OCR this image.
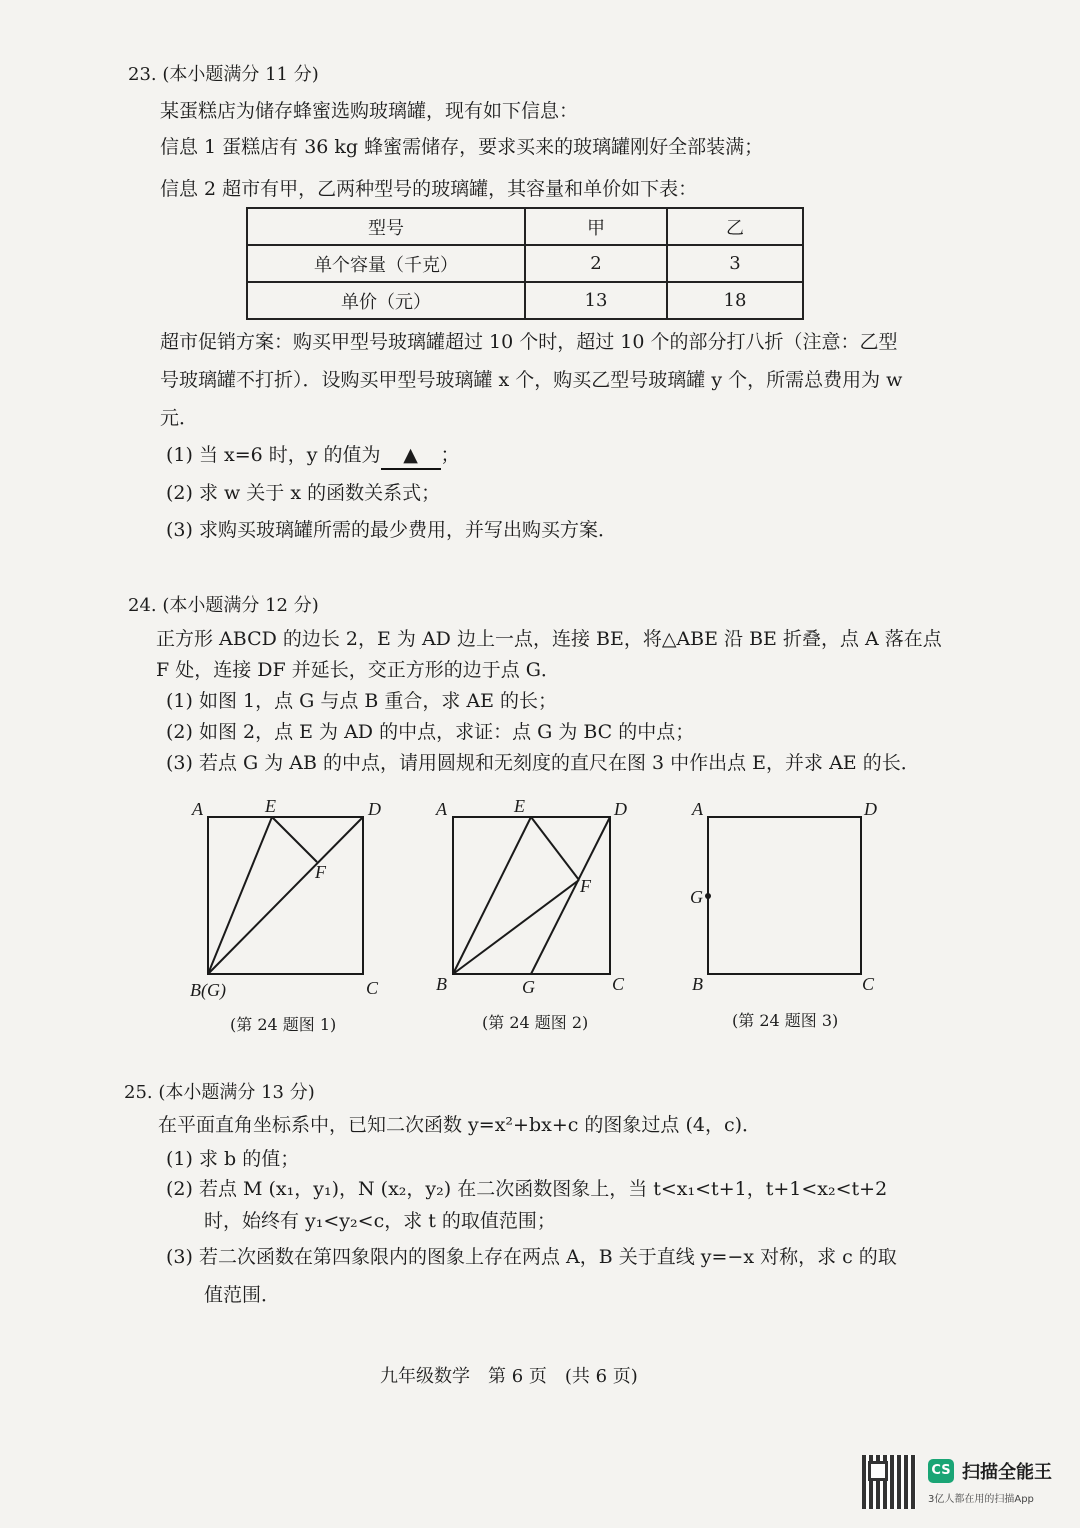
23. (本小题满分 11 分)
某蛋糕店为储存蜂蜜选购玻璃罐，现有如下信息：
信息 1 蛋糕店有 36 kg 蜂蜜需储存，要求买来的玻璃罐刚好全部装满；
信息 2 超市有甲，乙两种型号的玻璃罐，其容量和单价如下表：
型号	甲	乙
单个容量（千克）	2	3
单价（元）	13	18
超市促销方案：购买甲型号玻璃罐超过 10 个时，超过 10 个的部分打八折（注意：乙型
号玻璃罐不打折）．设购买甲型号玻璃罐 x 个，购买乙型号玻璃罐 y 个，所需总费用为 w
元．
(1) 当 x=6 时，y 的值为 ▲ ；
(2) 求 w 关于 x 的函数关系式；
(3) 求购买玻璃罐所需的最少费用，并写出购买方案．
24. (本小题满分 12 分)
正方形 ABCD 的边长 2，E 为 AD 边上一点，连接 BE，将△ABE 沿 BE 折叠，点 A 落在点
F 处，连接 DF 并延长，交正方形的边于点 G．
(1) 如图 1，点 G 与点 B 重合，求 AE 的长；
(2) 如图 2，点 E 为 AD 的中点，求证：点 G 为 BC 的中点；
(3) 若点 G 为 AB 的中点，请用圆规和无刻度的直尺在图 3 中作出点 E，并求 AE 的长．
A	E	D
F
B(G)	C
A	E	D
F
B	G	C
A	D
G
B	C
(第 24 题图 1)	(第 24 题图 2)	(第 24 题图 3)
25. (本小题满分 13 分)
在平面直角坐标系中，已知二次函数 y=x²+bx+c 的图象过点 (4，c)．
(1) 求 b 的值；
(2) 若点 M (x₁，y₁)，N (x₂，y₂) 在二次函数图象上，当 t<x₁<t+1，t+1<x₂<t+2
时，始终有 y₁<y₂<c，求 t 的取值范围；
(3) 若二次函数在第四象限内的图象上存在两点 A，B 关于直线 y=−x 对称，求 c 的取
值范围．
九年级数学　第 6 页　(共 6 页)
CS 扫描全能王
3亿人都在用的扫描App
